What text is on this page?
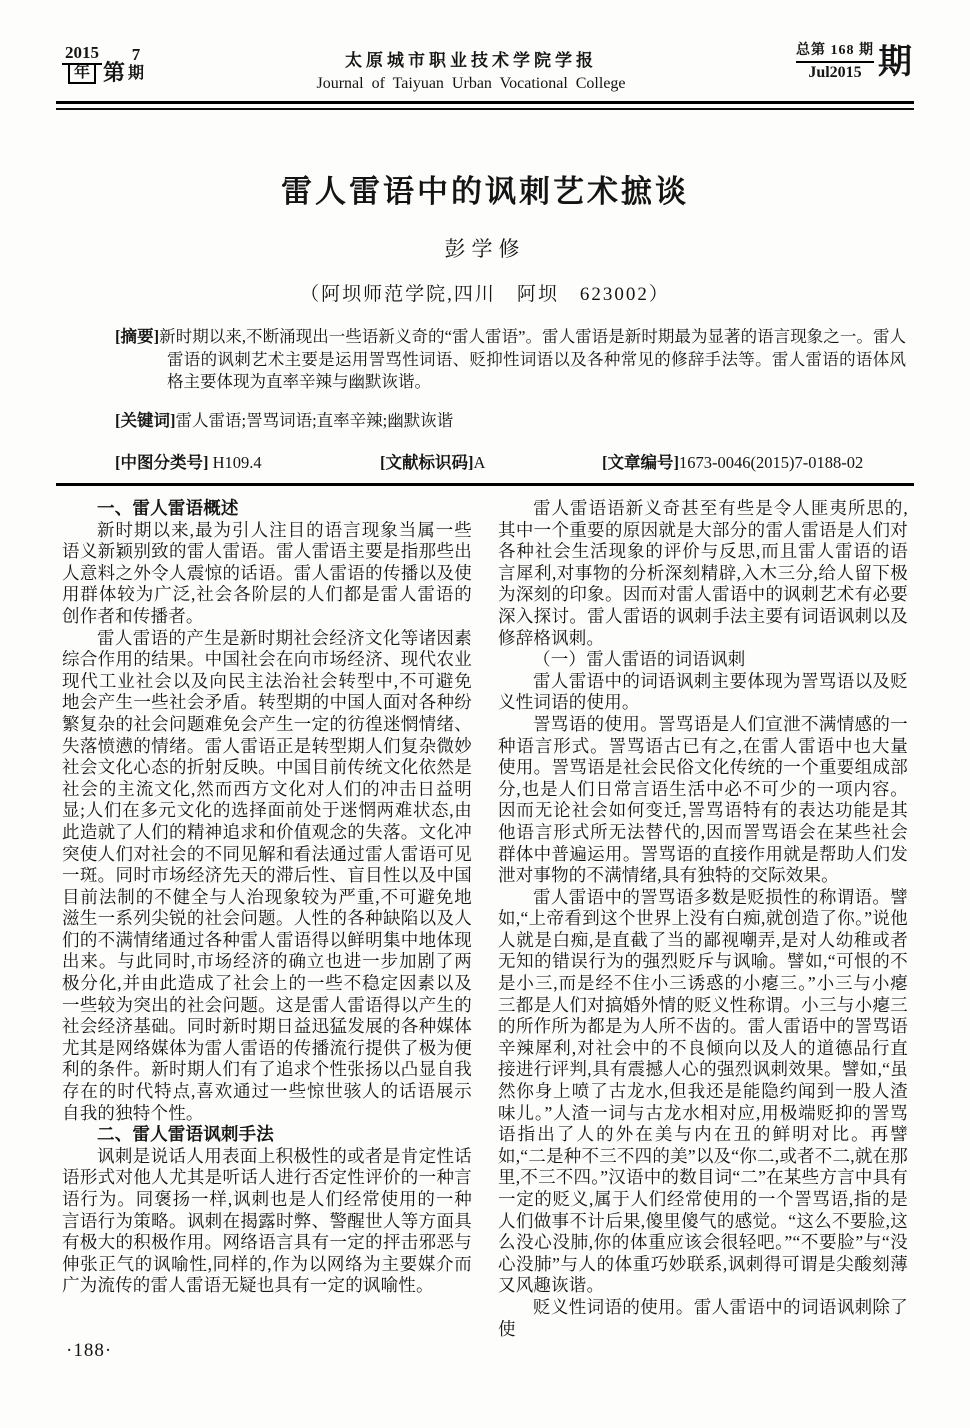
$\frac{2015}{\text{年}}$ 第
7
期
太原城市职业技术学院学报
Journal of Taiyuan Urban Vocational College
总第 168 期
Jul2015 期
雷人雷语中的讽刺艺术摭谈
彭学修
（阿坝师范学院,四川　阿坝　623002）

[摘要]新时期以来,不断涌现出一些语新义奇的“雷人雷语”。雷人雷语是新时期最为显著的语言现象之一。雷人雷语的讽刺艺术主要是运用詈骂性词语、贬抑性词语以及各种常见的修辞手法等。雷人雷语的语体风格主要体现为直率辛辣与幽默诙谐。

[关键词]雷人雷语;詈骂词语;直率辛辣;幽默诙谐

[中图分类号] H109.4	[文献标识码]A	[文章编号]1673-0046(2015)7-0188-02
一、雷人雷语概述

新时期以来,最为引人注目的语言现象当属一些语义新颖别致的雷人雷语。雷人雷语主要是指那些出人意料之外令人震惊的话语。雷人雷语的传播以及使用群体较为广泛,社会各阶层的人们都是雷人雷语的创作者和传播者。

雷人雷语的产生是新时期社会经济文化等诸因素综合作用的结果。中国社会在向市场经济、现代农业现代工业社会以及向民主法治社会转型中,不可避免地会产生一些社会矛盾。转型期的中国人面对各种纷繁复杂的社会问题难免会产生一定的彷徨迷惘情绪、失落愤懑的情绪。雷人雷语正是转型期人们复杂微妙社会文化心态的折射反映。中国目前传统文化依然是社会的主流文化,然而西方文化对人们的冲击日益明显;人们在多元文化的选择面前处于迷惘两难状态,由此造就了人们的精神追求和价值观念的失落。文化冲突使人们对社会的不同见解和看法通过雷人雷语可见一斑。同时市场经济先天的滞后性、盲目性以及中国目前法制的不健全与人治现象较为严重,不可避免地滋生一系列尖锐的社会问题。人性的各种缺陷以及人们的不满情绪通过各种雷人雷语得以鲜明集中地体现出来。与此同时,市场经济的确立也进一步加剧了两极分化,并由此造成了社会上的一些不稳定因素以及一些较为突出的社会问题。这是雷人雷语得以产生的社会经济基础。同时新时期日益迅猛发展的各种媒体尤其是网络媒体为雷人雷语的传播流行提供了极为便利的条件。新时期人们有了追求个性张扬以凸显自我存在的时代特点,喜欢通过一些惊世骇人的话语展示自我的独特个性。

二、雷人雷语讽刺手法

讽刺是说话人用表面上积极性的或者是肯定性话语形式对他人尤其是听话人进行否定性评价的一种言语行为。同褒扬一样,讽刺也是人们经常使用的一种言语行为策略。讽刺在揭露时弊、警醒世人等方面具有极大的积极作用。网络语言具有一定的抨击邪恶与伸张正气的讽喻性,同样的,作为以网络为主要媒介而广为流传的雷人雷语无疑也具有一定的讽喻性。

雷人雷语语新义奇甚至有些是令人匪夷所思的,其中一个重要的原因就是大部分的雷人雷语是人们对各种社会生活现象的评价与反思,而且雷人雷语的语言犀利,对事物的分析深刻精辟,入木三分,给人留下极为深刻的印象。因而对雷人雷语中的讽刺艺术有必要深入探讨。雷人雷语的讽刺手法主要有词语讽刺以及修辞格讽刺。

（一）雷人雷语的词语讽刺

雷人雷语中的词语讽刺主要体现为詈骂语以及贬义性词语的使用。

詈骂语的使用。詈骂语是人们宣泄不满情感的一种语言形式。詈骂语古已有之,在雷人雷语中也大量使用。詈骂语是社会民俗文化传统的一个重要组成部分,也是人们日常言语生活中必不可少的一项内容。因而无论社会如何变迁,詈骂语特有的表达功能是其他语言形式所无法替代的,因而詈骂语会在某些社会群体中普遍运用。詈骂语的直接作用就是帮助人们发泄对事物的不满情绪,具有独特的交际效果。

雷人雷语中的詈骂语多数是贬损性的称谓语。譬如,“上帝看到这个世界上没有白痴,就创造了你。”说他人就是白痴,是直截了当的鄙视嘲弄,是对人幼稚或者无知的错误行为的强烈贬斥与讽喻。譬如,“可恨的不是小三,而是经不住小三诱惑的小瘪三。”小三与小瘪三都是人们对搞婚外情的贬义性称谓。小三与小瘪三的所作所为都是为人所不齿的。雷人雷语中的詈骂语辛辣犀利,对社会中的不良倾向以及人的道德品行直接进行评判,具有震撼人心的强烈讽刺效果。譬如,“虽然你身上喷了古龙水,但我还是能隐约闻到一股人渣味儿。”人渣一词与古龙水相对应,用极端贬抑的詈骂语指出了人的外在美与内在丑的鲜明对比。再譬如,“二是种不三不四的美”以及“你二,或者不二,就在那里,不三不四。”汉语中的数目词“二”在某些方言中具有一定的贬义,属于人们经常使用的一个詈骂语,指的是人们做事不计后果,傻里傻气的感觉。“这么不要脸,这么没心没肺,你的体重应该会很轻吧。”“不要脸”与“没心没肺”与人的体重巧妙联系,讽刺得可谓是尖酸刻薄又风趣诙谐。

贬义性词语的使用。雷人雷语中的词语讽刺除了使

·188·
